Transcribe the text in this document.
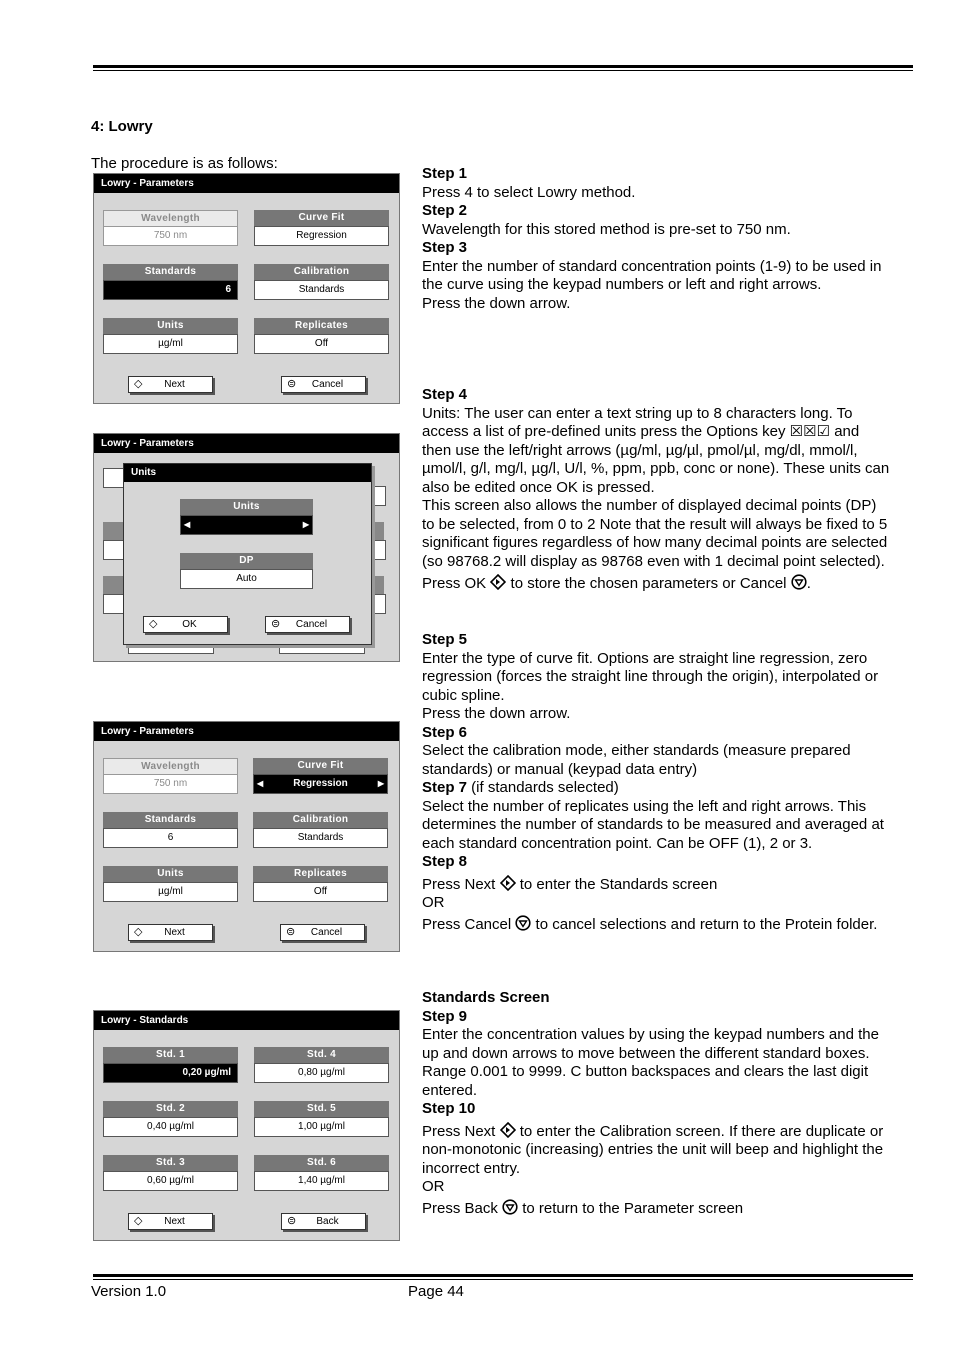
4: Lowry
The procedure is as follows:
Lowry - Parameters
Wavelength
750 nm
Curve Fit
Regression
Standards
6
Calibration
Standards
Units
µg/ml
Replicates
Off
◇	Next	⊜	Cancel
Lowry - Parameters
Units
Units
◀	▶
DP
Auto
◇	OK	⊜	Cancel
Lowry - Parameters
Wavelength
750 nm
Curve Fit
◀	Regression	▶
Standards
6
Calibration
Standards
Units
µg/ml
Replicates
Off
◇	Next	⊜	Cancel
Lowry - Standards
Std. 1
0,20 µg/ml
Std. 4
0,80 µg/ml
Std. 2
0,40 µg/ml
Std. 5
1,00 µg/ml
Std. 3
0,60 µg/ml
Std. 6
1,40 µg/ml
◇	Next	⊜	Back

Step 1

Press 4 to select Lowry method.

Step 2

Wavelength for this stored method is pre-set to 750 nm.

Step 3

Enter the number of standard concentration points (1-9) to be used in the curve using the keypad numbers or left and right arrows.

Press the down arrow.

Step 4

Units: The user can enter a text string up to 8 characters long. To access a list of pre-defined units press the Options key ☒☒☑ and then use the left/right arrows (µg/ml, µg/µl, pmol/µl, mg/dl, mmol/l, µmol/l, g/l, mg/l, µg/l, U/l, %, ppm, ppb, conc or none). These units can also be edited once OK is pressed.

This screen also allows the number of displayed decimal points (DP) to be selected, from 0 to 2 Note that the result will always be fixed to 5 significant figures regardless of how many decimal points are selected (so 98768.2 will display as 98768 even with 1 decimal point selected).

Press OK to store the chosen parameters or Cancel .

Step 5

Enter the type of curve fit. Options are straight line regression, zero regression (forces the straight line through the origin), interpolated or cubic spline.

Press the down arrow.

Step 6

Select the calibration mode, either standards (measure prepared standards) or manual (keypad data entry)

Step 7 (if standards selected)

Select the number of replicates using the left and right arrows. This determines the number of standards to be measured and averaged at each standard concentration point. Can be OFF (1), 2 or 3.

Step 8

Press Next to enter the Standards screen

OR

Press Cancel to cancel selections and return to the Protein folder.

Standards Screen

Step 9

Enter the concentration values by using the keypad numbers and the up and down arrows to move between the different standard boxes. Range 0.001 to 9999. C button backspaces and clears the last digit entered.

Step 10

Press Next to enter the Calibration screen. If there are duplicate or non-monotonic (increasing) entries the unit will beep and highlight the incorrect entry.

OR

Press Back to return to the Parameter screen

Version 1.0	Page 44
